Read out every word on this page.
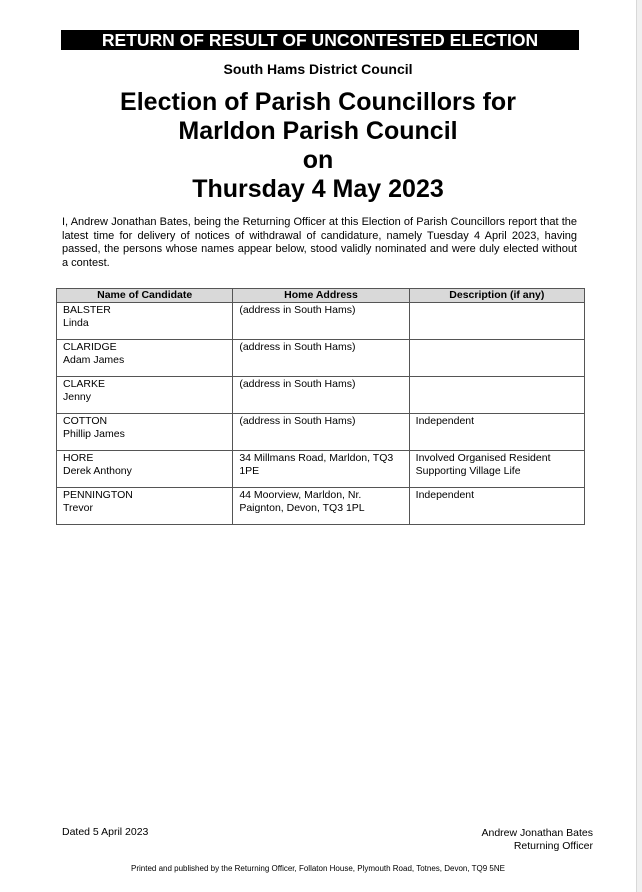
RETURN OF RESULT OF UNCONTESTED ELECTION
South Hams District Council
Election of Parish Councillors for
Marldon Parish Council
on
Thursday 4 May 2023
I, Andrew Jonathan Bates, being the Returning Officer at this Election of Parish Councillors report that the latest time for delivery of notices of withdrawal of candidature, namely Tuesday 4 April 2023, having passed, the persons whose names appear below, stood validly nominated and were duly elected without a contest.
Name of Candidate	Home Address	Description (if any)

BALSTER
Linda	(address in South Hams)	

CLARIDGE
Adam James	(address in South Hams)	

CLARKE
Jenny	(address in South Hams)	

COTTON
Phillip James	(address in South Hams)	Independent

HORE
Derek Anthony	34 Millmans Road, Marldon, TQ3 1PE	Involved Organised Resident Supporting Village Life

PENNINGTON
Trevor	44 Moorview, Marldon, Nr. Paignton, Devon, TQ3 1PL	Independent
Dated 5 April 2023	Andrew Jonathan Bates
Returning Officer
Printed and published by the Returning Officer, Follaton House, Plymouth Road, Totnes, Devon, TQ9 5NE
